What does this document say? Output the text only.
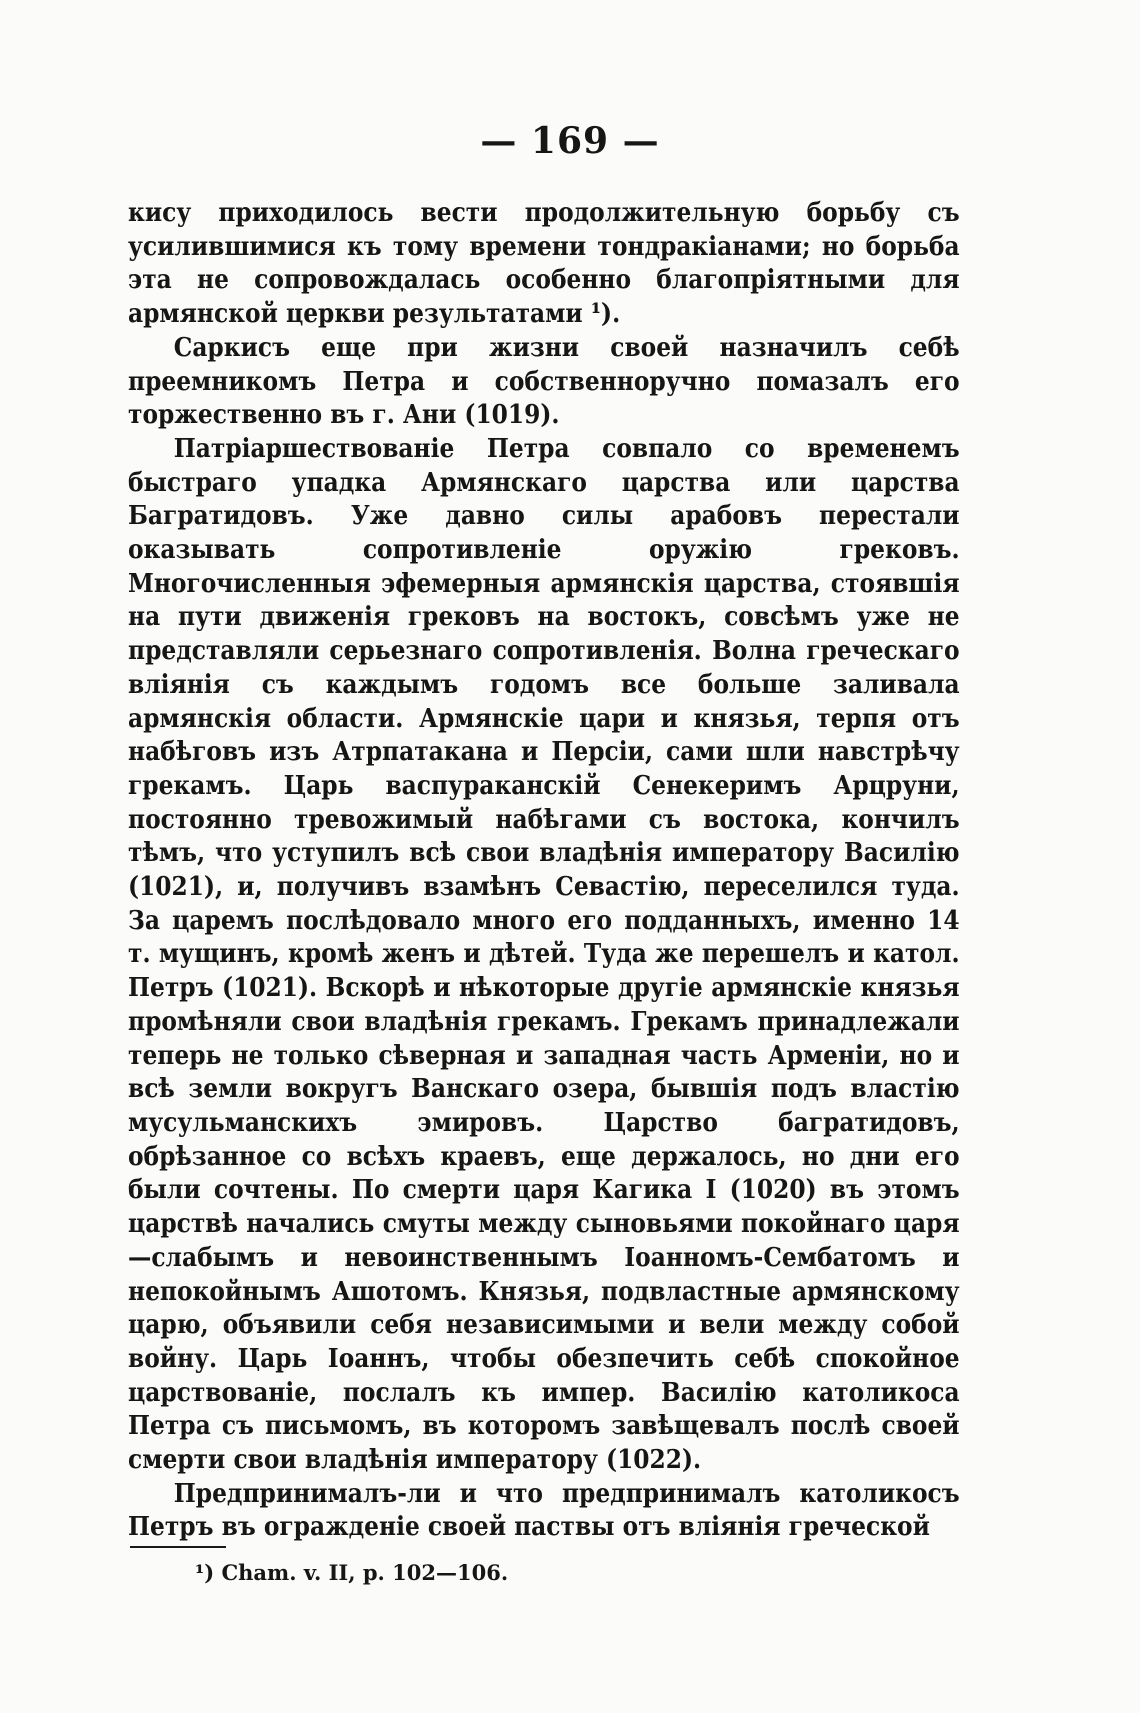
— 169 —

кису приходилось вести продолжительную борьбу съ усилившимися къ тому времени тондракіанами; но борьба эта не сопровождалась особенно благопріятными для армянской церкви результатами ¹).

Саркисъ еще при жизни своей назначилъ себѣ преемникомъ Петра и собственноручно помазалъ его торжественно въ г. Ани (1019).

Патріаршествованіе Петра совпало со временемъ быстраго упадка Армянскаго царства или царства Багратидовъ. Уже давно силы арабовъ перестали оказывать сопротивленіе оружію грековъ. Многочисленныя эфемерныя армянскія царства, стоявшія на пути движенія грековъ на востокъ, совсѣмъ уже не представляли серьезнаго сопротивленія. Волна греческаго вліянія съ каждымъ годомъ все больше заливала армянскія области. Армянскіе цари и князья, терпя отъ набѣговъ изъ Атрпатакана и Персіи, сами шли навстрѣчу грекамъ. Царь васпураканскій Сенекеримъ Арцруни, постоянно тревожимый набѣгами съ востока, кончилъ тѣмъ, что уступилъ всѣ свои владѣнія императору Василію (1021), и, получивъ взамѣнъ Севастію, переселился туда. За царемъ послѣдовало много его подданныхъ, именно 14 т. мущинъ, кромѣ женъ и дѣтей. Туда же перешелъ и катол. Петръ (1021). Вскорѣ и нѣкоторые другіе армянскіе князья промѣняли свои владѣнія грекамъ. Грекамъ принадлежали теперь не только сѣверная и западная часть Арменіи, но и всѣ земли вокругъ Ванскаго озера, бывшія подъ властію мусульманскихъ эмировъ. Царство багратидовъ, обрѣзанное со всѣхъ краевъ, еще держалось, но дни его были сочтены. По смерти царя Кагика I (1020) въ этомъ царствѣ начались смуты между сыновьями покойнаго царя—слабымъ и невоинственнымъ Іоанномъ-Сембатомъ и непокойнымъ Ашотомъ. Князья, подвластные армянскому царю, объявили себя независимыми и вели между собой войну. Царь Іоаннъ, чтобы обезпечить себѣ спокойное царствованіе, послалъ къ импер. Василію католикоса Петра съ письмомъ, въ которомъ завѣщевалъ послѣ своей смерти свои владѣнія императору (1022).

Предпринималъ-ли и что предпринималъ католикосъ Петръ въ огражденіе своей паствы отъ вліянія греческой

¹) Cham. v. II, p. 102—106.
